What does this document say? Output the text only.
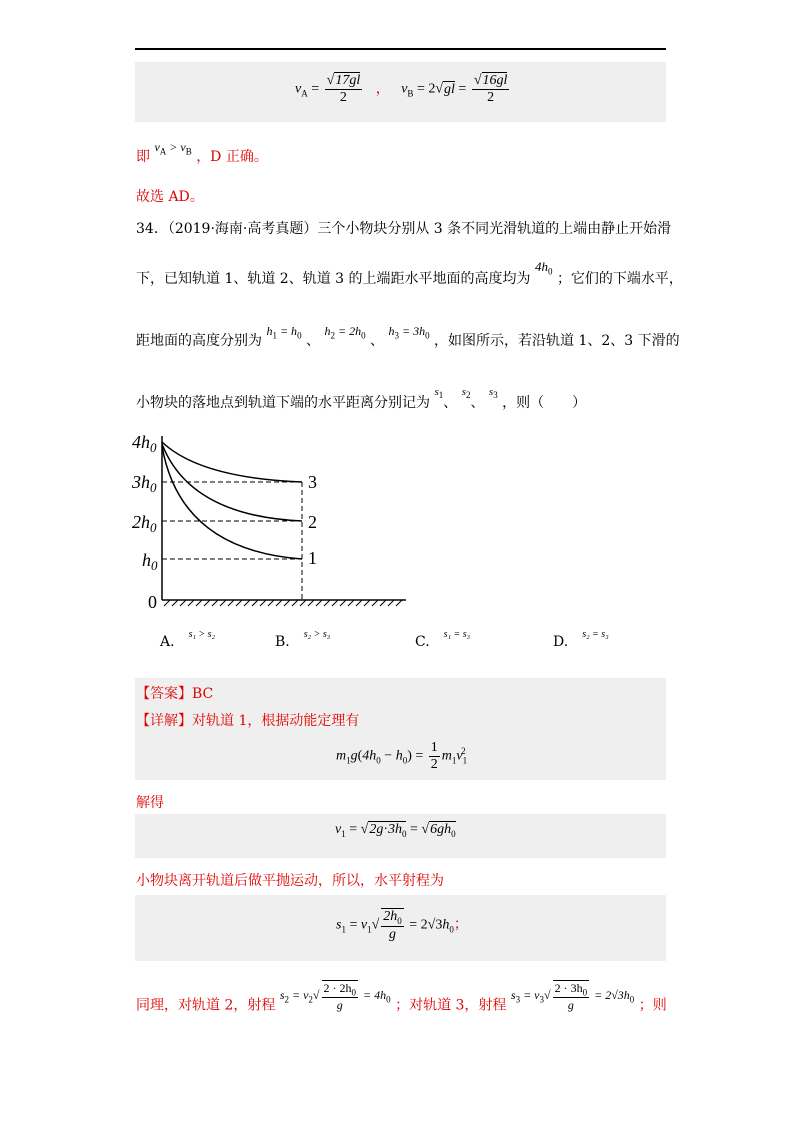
$v_A = \frac{√17gl}{2}$ ， $v_B = 2√gl = \frac{√16gl}{2}$
即 $v_A > v_B$ ，D 正确。
故选 AD。
34．（2019·海南·高考真题）三个小物块分别从 3 条不同光滑轨道的上端由静止开始滑
下，已知轨道 1、轨道 2、轨道 3 的上端距水平地面的高度均为 $4h_0$ ；它们的下端水平，
距地面的高度分别为 $h_1 = h_0$ 、 $h_2 = 2h_0$ 、 $h_3 = 3h_0$ ，如图所示，若沿轨道 1、2、3 下滑的
小物块的落地点到轨道下端的水平距离分别记为 $^{s_1}$、 $^{s_2}$、 $^{s_3}$ ，则（　　）
$4h_0$
$3h_0$
$2h_0$
$h_0$
0
3
2
1
A. $^{s_1 > s_2}$	B. $^{s_2 > s_3}$	C. $^{s_1 = s_3}$	D. $^{s_2 = s_3}$
【答案】BC
【详解】对轨道 1，根据动能定理有
$m_1g(4h_0 - h_0) = \frac{1}{2} m_1v_1^2$
解得
$v_1 = √2g\cdot 3h_0 = √6gh_0$
小物块离开轨道后做平抛运动，所以，水平射程为
$s_1 = v_1√ \frac{2h_0}{g} = 2√3h_0$；
同理，对轨道 2，射程 $s_2 = v_2√ \frac{2 \cdot 2h_0}{g} = 4h_0$ ；对轨道 3，射程 $s_3 = v_3√ \frac{2 \cdot 3h_0}{g} = 2√3h_0$ ；则
